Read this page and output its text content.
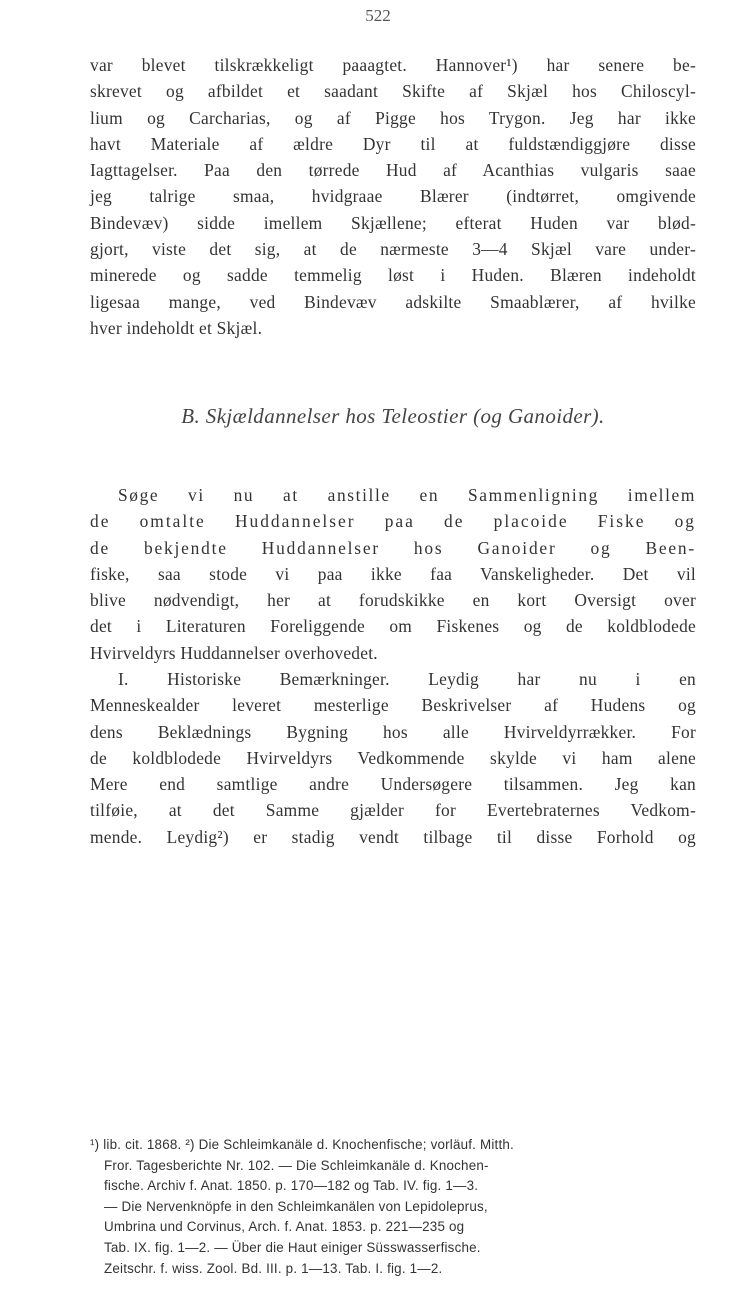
522
var blevet tilskrækkeligt paaagtet. Hannover¹) har senere be-
skrevet og afbildet et saadant Skifte af Skjæl hos Chiloscyl-
lium og Carcharias, og af Pigge hos Trygon. Jeg har ikke
havt Materiale af ældre Dyr til at fuldstændiggjøre disse
Iagttagelser. Paa den tørrede Hud af Acanthias vulgaris saae
jeg talrige smaa, hvidgraae Blærer (indtørret, omgivende
Bindevæv) sidde imellem Skjællene; efterat Huden var blød-
gjort, viste det sig, at de nærmeste 3—4 Skjæl vare under-
minerede og sadde temmelig løst i Huden. Blæren indeholdt
ligesaa mange, ved Bindevæv adskilte Smaablærer, af hvilke
hver indeholdt et Skjæl.
B. Skjældannelser hos Teleostier (og Ganoider).
Søge vi nu at anstille en Sammenligning imellem
de omtalte Huddannelser paa de placoide Fiske og
de bekjendte Huddannelser hos Ganoider og Been-
fiske, saa stode vi paa ikke faa Vanskeligheder. Det vil
blive nødvendigt, her at forudskikke en kort Oversigt over
det i Literaturen Foreliggende om Fiskenes og de koldblodede
Hvirveldyrs Huddannelser overhovedet.
I. Historiske Bemærkninger. Leydig har nu i en
Menneskealder leveret mesterlige Beskrivelser af Hudens og
dens Beklædnings Bygning hos alle Hvirveldyrrækker. For
de koldblodede Hvirveldyrs Vedkommende skylde vi ham alene
Mere end samtlige andre Undersøgere tilsammen. Jeg kan
tilføie, at det Samme gjælder for Evertebraternes Vedkom-
mende. Leydig²) er stadig vendt tilbage til disse Forhold og
¹) lib. cit. 1868. ²) Die Schleimkanäle d. Knochenfische; vorläuf. Mitth.
Fror. Tagesberichte Nr. 102. — Die Schleimkanäle d. Knochen-
fische. Archiv f. Anat. 1850. p. 170—182 og Tab. IV. fig. 1—3.
— Die Nervenknöpfe in den Schleimkanälen von Lepidoleprus,
Umbrina und Corvinus, Arch. f. Anat. 1853. p. 221—235 og
Tab. IX. fig. 1—2. — Über die Haut einiger Süsswasserfische.
Zeitschr. f. wiss. Zool. Bd. III. p. 1—13. Tab. I. fig. 1—2.
